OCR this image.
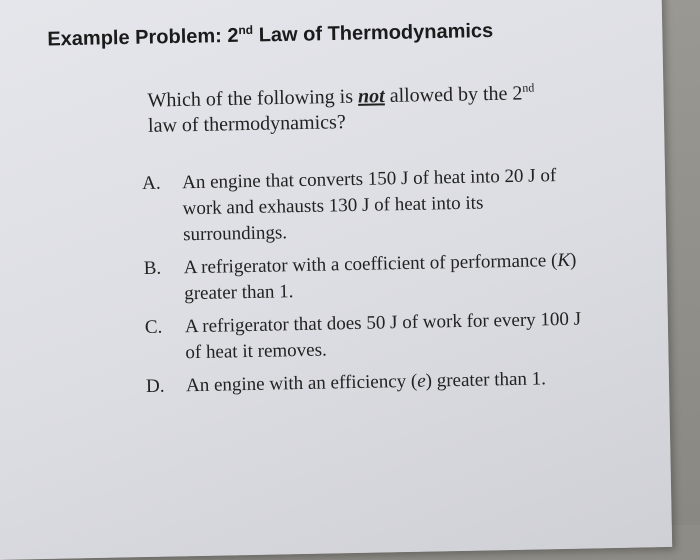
Example Problem: 2nd Law of Thermodynamics

Which of the following is not allowed by the 2nd law of thermodynamics?

A. An engine that converts 150 J of heat into 20 J of work and exhausts 130 J of heat into its surroundings.
B. A refrigerator with a coefficient of performance (K) greater than 1.
C. A refrigerator that does 50 J of work for every 100 J of heat it removes.
D. An engine with an efficiency (e) greater than 1.
